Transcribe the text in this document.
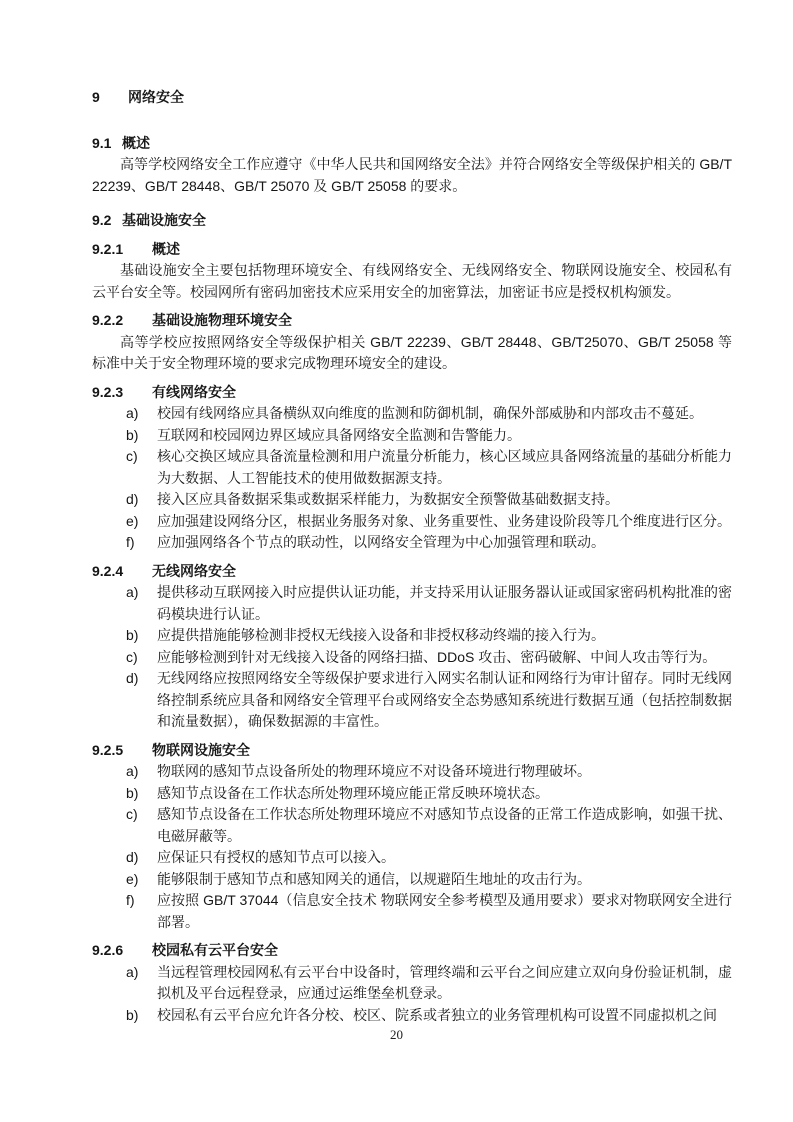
9 网络安全
9.1 概述

高等学校网络安全工作应遵守《中华人民共和国网络安全法》并符合网络安全等级保护相关的 GB/T 22239、GB/T 28448、GB/T 25070 及 GB/T 25058 的要求。

9.2 基础设施安全
9.2.1 概述

基础设施安全主要包括物理环境安全、有线网络安全、无线网络安全、物联网设施安全、校园私有云平台安全等。校园网所有密码加密技术应采用安全的加密算法，加密证书应是授权机构颁发。

9.2.2 基础设施物理环境安全

高等学校应按照网络安全等级保护相关 GB/T 22239、GB/T 28448、GB/T25070、GB/T 25058 等标准中关于安全物理环境的要求完成物理环境安全的建设。

9.2.3 有线网络安全
a) 校园有线网络应具备横纵双向维度的监测和防御机制，确保外部威胁和内部攻击不蔓延。
b) 互联网和校园网边界区域应具备网络安全监测和告警能力。
c) 核心交换区域应具备流量检测和用户流量分析能力，核心区域应具备网络流量的基础分析能力为大数据、人工智能技术的使用做数据源支持。
d) 接入区应具备数据采集或数据采样能力，为数据安全预警做基础数据支持。
e) 应加强建设网络分区，根据业务服务对象、业务重要性、业务建设阶段等几个维度进行区分。
f) 应加强网络各个节点的联动性，以网络安全管理为中心加强管理和联动。
9.2.4 无线网络安全
a) 提供移动互联网接入时应提供认证功能，并支持采用认证服务器认证或国家密码机构批准的密码模块进行认证。
b) 应提供措施能够检测非授权无线接入设备和非授权移动终端的接入行为。
c) 应能够检测到针对无线接入设备的网络扫描、DDoS 攻击、密码破解、中间人攻击等行为。
d) 无线网络应按照网络安全等级保护要求进行入网实名制认证和网络行为审计留存。同时无线网络控制系统应具备和网络安全管理平台或网络安全态势感知系统进行数据互通（包括控制数据和流量数据），确保数据源的丰富性。
9.2.5 物联网设施安全
a) 物联网的感知节点设备所处的物理环境应不对设备环境进行物理破坏。
b) 感知节点设备在工作状态所处物理环境应能正常反映环境状态。
c) 感知节点设备在工作状态所处物理环境应不对感知节点设备的正常工作造成影响，如强干扰、电磁屏蔽等。
d) 应保证只有授权的感知节点可以接入。
e) 能够限制于感知节点和感知网关的通信，以规避陌生地址的攻击行为。
f) 应按照 GB/T 37044（信息安全技术 物联网安全参考模型及通用要求）要求对物联网安全进行部署。
9.2.6 校园私有云平台安全
a) 当远程管理校园网私有云平台中设备时，管理终端和云平台之间应建立双向身份验证机制，虚拟机及平台远程登录，应通过运维堡垒机登录。
b) 校园私有云平台应允许各分校、校区、院系或者独立的业务管理机构可设置不同虚拟机之间
20
